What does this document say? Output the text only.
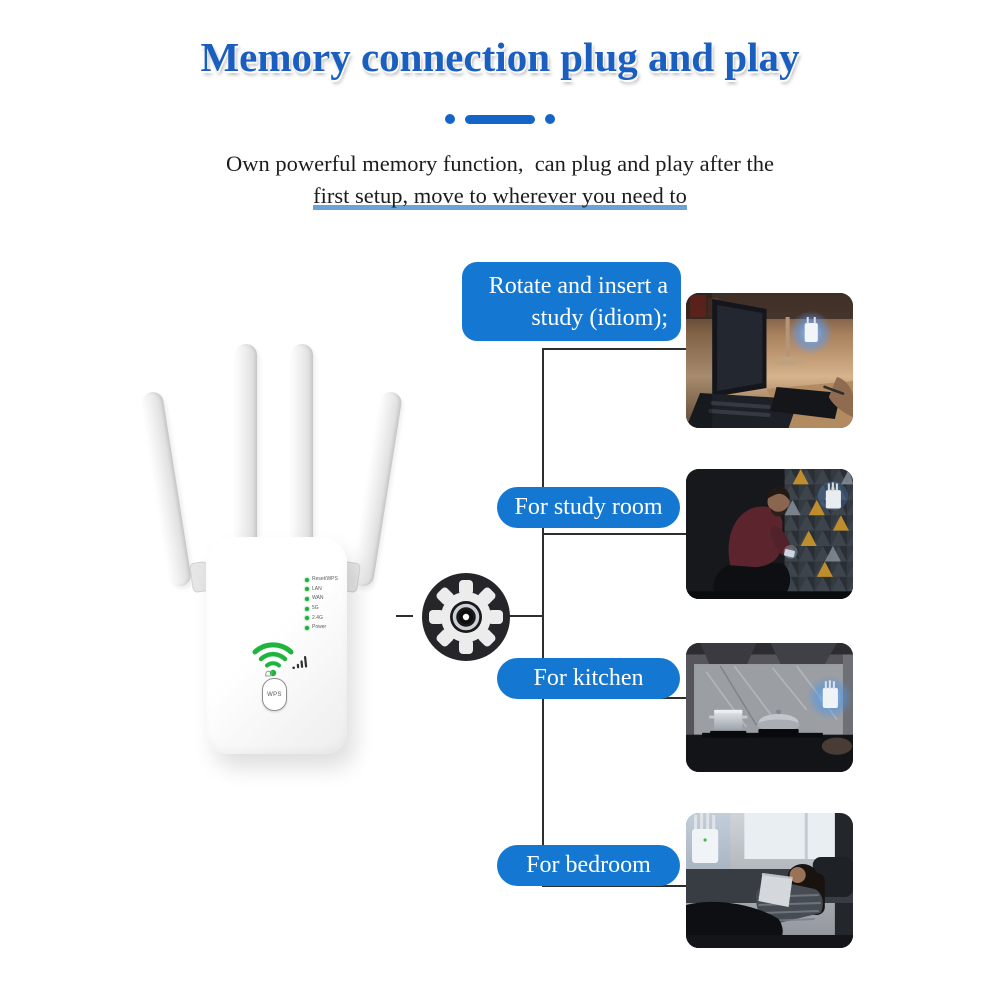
Memory connection plug and play
Own powerful memory function,  can plug and play after the
first setup, move to wherever you need to
Reset/WPS
LAN
WAN
5G
2.4G
Power
WPS
Rotate and insert a
study (idiom);
For study room
For kitchen
For bedroom
